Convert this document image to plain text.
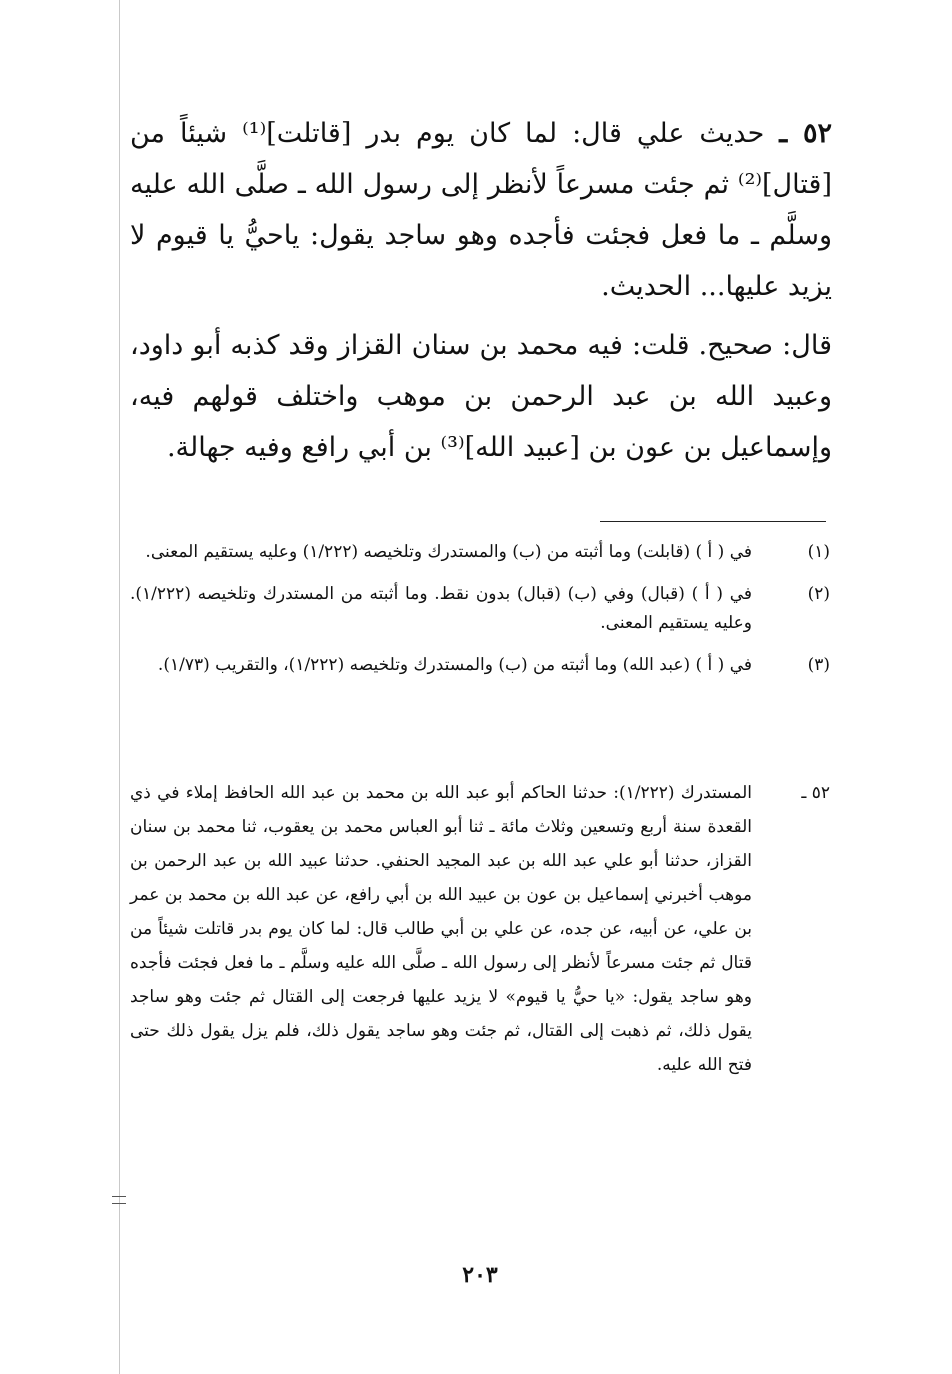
٥٢ ـ حديث علي قال: لما كان يوم بدر [قاتلت]⁽¹⁾ شيئاً من [قتال]⁽²⁾ ثم جئت مسرعاً لأنظر إلى رسول الله ـ صلَّى الله عليه وسلَّم ـ ما فعل فجئت فأجده وهو ساجد يقول: ياحيُّ يا قيوم لا يزيد عليها... الحديث.

قال: صحيح. قلت: فيه محمد بن سنان القزاز وقد كذبه أبو داود، وعبيد الله بن عبد الرحمن بن موهب واختلف قولهم فيه، وإسماعيل بن عون بن [عبيد الله]⁽³⁾ بن أبي رافع وفيه جهالة.

(١)
في ( أ ) (قابلت) وما أثبته من (ب) والمستدرك وتلخيصه (١/٢٢٢) وعليه يستقيم المعنى.
(٢)
في ( أ ) (قبال) وفي (ب) (قبال) بدون نقط. وما أثبته من المستدرك وتلخيصه (١/٢٢٢). وعليه يستقيم المعنى.
(٣)
في ( أ ) (عبد الله) وما أثبته من (ب) والمستدرك وتلخيصه (١/٢٢٢)، والتقريب (١/٧٣).
٥٢ ـ
المستدرك (١/٢٢٢): حدثنا الحاكم أبو عبد الله بن محمد بن عبد الله الحافظ إملاء في ذي القعدة سنة أربع وتسعين وثلاث مائة ـ ثنا أبو العباس محمد بن يعقوب، ثنا محمد بن سنان القزاز، حدثنا أبو علي عبد الله بن عبد المجيد الحنفي. حدثنا عبيد الله بن عبد الرحمن بن موهب أخبرني إسماعيل بن عون بن عبيد الله بن أبي رافع، عن عبد الله بن محمد بن عمر بن علي، عن أبيه، عن جده، عن علي بن أبي طالب قال: لما كان يوم بدر قاتلت شيئاً من قتال ثم جئت مسرعاً لأنظر إلى رسول الله ـ صلَّى الله عليه وسلَّم ـ ما فعل فجئت فأجده وهو ساجد يقول: «يا حيُّ يا قيوم» لا يزيد عليها فرجعت إلى القتال ثم جئت وهو ساجد يقول ذلك، ثم ذهبت إلى القتال، ثم جئت وهو ساجد يقول ذلك، فلم يزل يقول ذلك حتى فتح الله عليه.
٢٠٣
